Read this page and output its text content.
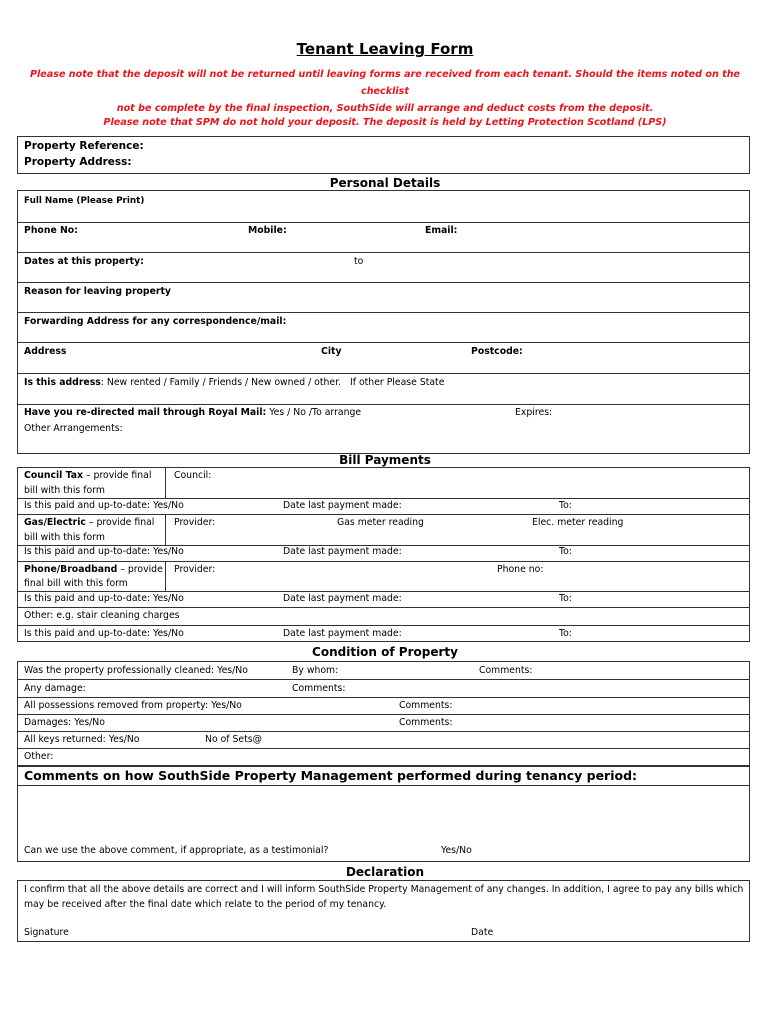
Tenant Leaving Form
Please note that the deposit will not be returned until leaving forms are received from each tenant. Should the items noted on the checklist
not be complete by the final inspection, SouthSide will arrange and deduct costs from the deposit.
Please note that SPM do not hold your deposit. The deposit is held by Letting Protection Scotland (LPS)
Property Reference:
Property Address:
Personal Details
Full Name (Please Print)
Phone No:	Mobile:	Email:
Dates at this property:	to
Reason for leaving property
Forwarding Address for any correspondence/mail:
Address	City	Postcode:
Is this address: New rented / Family / Friends / New owned / other. If other Please State
Have you re-directed mail through Royal Mail: Yes / No /To arrange	Expires:
Other Arrangements:
Bill Payments
Council Tax – provide final
bill with this form
Council:
Is this paid and up-to-date: Yes/No	Date last payment made:	To:
Gas/Electric – provide final
bill with this form
Provider:	Gas meter reading	Elec. meter reading
Is this paid and up-to-date: Yes/No	Date last payment made:	To:
Phone/Broadband – provide
final bill with this form
Provider:	Phone no:
Is this paid and up-to-date: Yes/No	Date last payment made:	To:
Other: e.g. stair cleaning charges
Is this paid and up-to-date: Yes/No	Date last payment made:	To:
Condition of Property
Was the property professionally cleaned: Yes/No	By whom:	Comments:
Any damage:	Comments:
All possessions removed from property: Yes/No	Comments:
Damages: Yes/No	Comments:
All keys returned: Yes/No	No of Sets@
Other:
Comments on how SouthSide Property Management performed during tenancy period:
Can we use the above comment, if appropriate, as a testimonial?	Yes/No
Declaration
I confirm that all the above details are correct and I will inform SouthSide Property Management of any changes. In addition, I agree to pay any bills which
may be received after the final date which relate to the period of my tenancy.
Signature	Date
